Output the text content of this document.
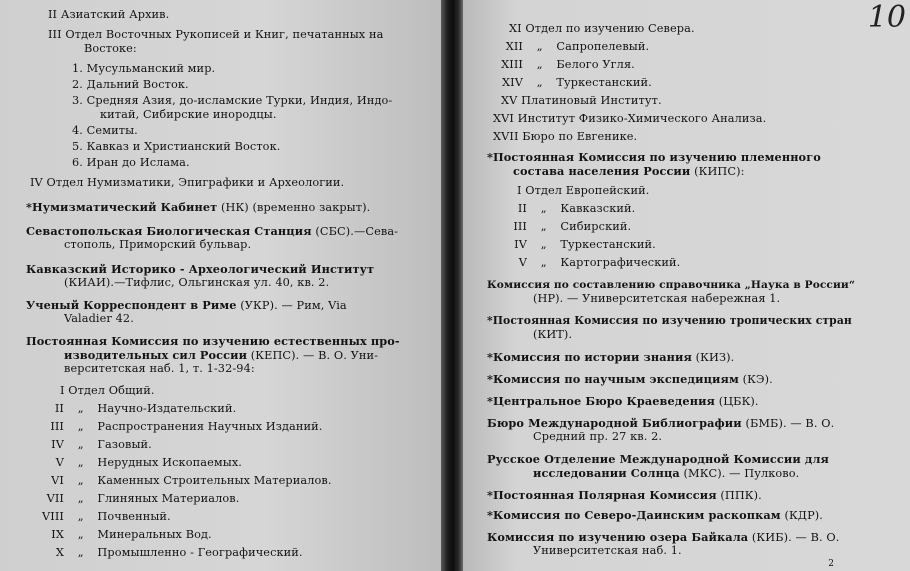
II Азиатский Архив.
III Отдел Восточных Рукописей и Книг, печатанных на
Востоке:
1. Мусульманский мир.
2. Дальний Восток.
3. Средняя Азия, до-исламские Турки, Индия, Индо-
китай, Сибирские инородцы.
4. Семиты.
5. Кавказ и Христианский Восток.
6. Иран до Ислама.
IV Отдел Нумизматики, Эпиграфики и Археологии.
*Нумизматический Кабинет (НК) (временно закрыт).
Севастопольская Биологическая Станция (СБС).—Сева-
стополь, Приморский бульвар.
Кавказский Историко - Археологический Институт
(КИАИ).—Тифлис, Ольгинская ул. 40, кв. 2.
Ученый Корреспондент в Риме (УКР). — Рим, Via
Valadier 42.
Постоянная Комиссия по изучению естественных про-
изводительных сил России (КЕПС). — В. О. Уни-
верситетская наб. 1, т. 1-32-94:
I Отдел Общий.
II „ Научно-Издательский.
III „ Распространения Научных Изданий.
IV „ Газовый.
V „ Нерудных Ископаемых.
VI „ Каменных Строительных Материалов.
VII „ Глиняных Материалов.
VIII „ Почвенный.
IX „ Минеральных Вод.
X „ Промышленно - Географический.
10
XI Отдел по изучению Севера.
XII „ Сапропелевый.
XIII „ Белого Угля.
XIV „ Туркестанский.
XV Платиновый Институт.
XVI Институт Физико-Химического Анализа.
XVII Бюро по Евгенике.
*Постоянная Комиссия по изучению племенного
состава населения России (КИПС):
I Отдел Европейский.
II „ Кавказский.
III „ Сибирский.
IV „ Туркестанский.
V „ Картографический.
Комиссия по составлению справочника „Наука в России“
(НР). — Университетская набережная 1.
*Постоянная Комиссия по изучению тропических стран
(КИТ).
*Комиссия по истории знания (КИЗ).
*Комиссия по научным экспедициям (КЭ).
*Центральное Бюро Краеведения (ЦБК).
Бюро Международной Библиографии (БМБ). — В. О.
Средний пр. 27 кв. 2.
Русское Отделение Международной Комиссии для
исследовании Солнца (МКС). — Пулково.
*Постоянная Полярная Комиссия (ППК).
*Комиссия по Северо-Даинским раскопкам (КДР).
Комиссия по изучению озера Байкала (КИБ). — В. О.
Университетская наб. 1.
2
